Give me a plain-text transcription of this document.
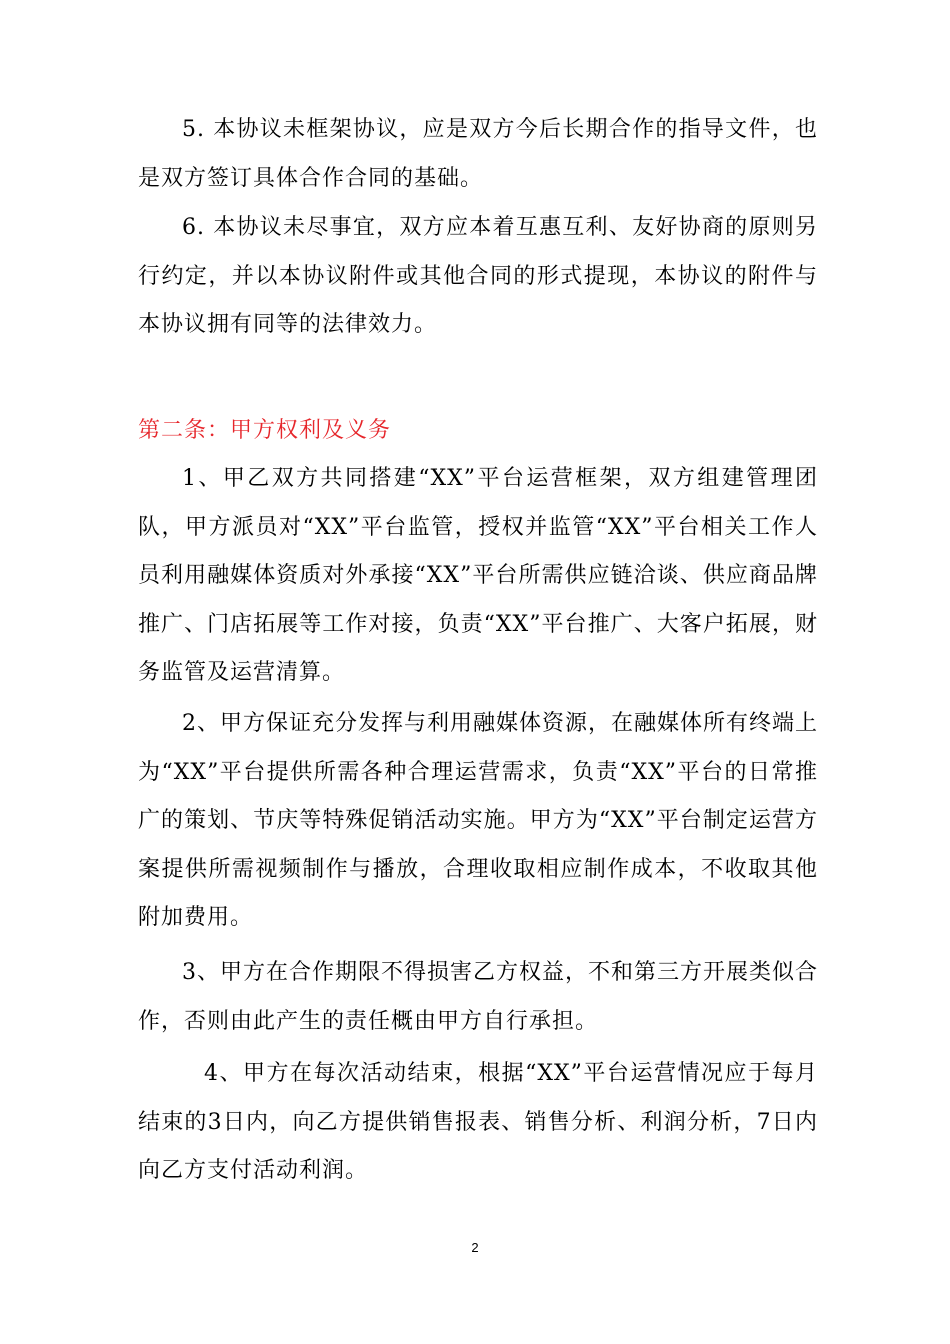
5. 本协议未框架协议，应是双方今后长期合作的指导文件，也是双方签订具体合作合同的基础。

6. 本协议未尽事宜，双方应本着互惠互利、友好协商的原则另行约定，并以本协议附件或其他合同的形式提现，本协议的附件与本协议拥有同等的法律效力。

第二条：甲方权利及义务

1、甲乙双方共同搭建“XX”平台运营框架，双方组建管理团队，甲方派员对“XX”平台监管，授权并监管“XX”平台相关工作人员利用融媒体资质对外承接“XX”平台所需供应链洽谈、供应商品牌推广、门店拓展等工作对接，负责“XX”平台推广、大客户拓展，财务监管及运营清算。

2、甲方保证充分发挥与利用融媒体资源，在融媒体所有终端上为“XX”平台提供所需各种合理运营需求，负责“XX”平台的日常推广的策划、节庆等特殊促销活动实施。甲方为“XX”平台制定运营方案提供所需视频制作与播放，合理收取相应制作成本，不收取其他附加费用。

3、甲方在合作期限不得损害乙方权益，不和第三方开展类似合作，否则由此产生的责任概由甲方自行承担。

4、甲方在每次活动结束，根据“XX”平台运营情况应于每月结束的3日内，向乙方提供销售报表、销售分析、利润分析，7日内向乙方支付活动利润。

2
